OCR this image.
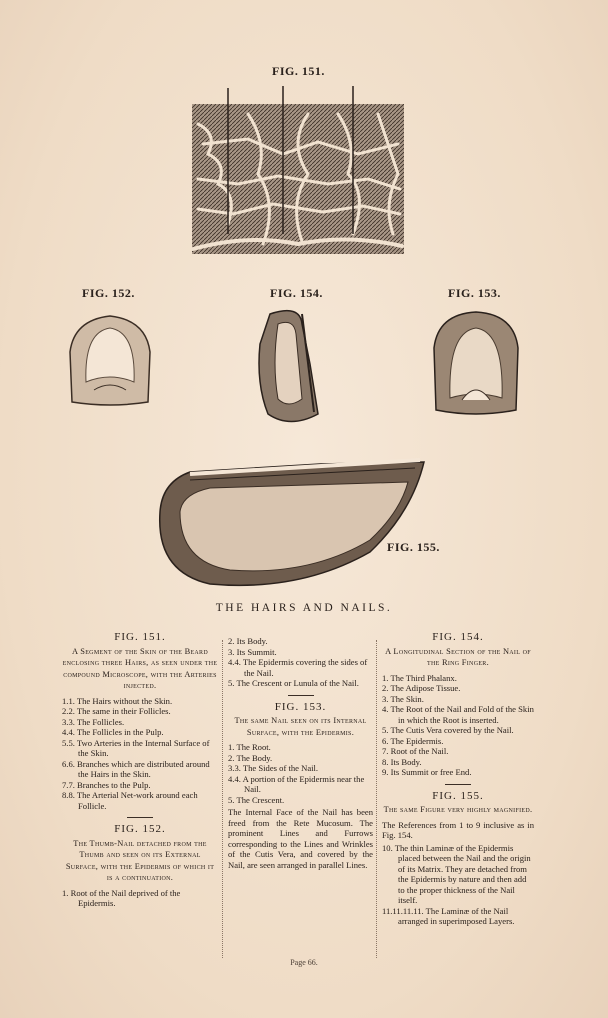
FIG. 151.
FIG. 152.	FIG. 154.	FIG. 153.
FIG. 155.
THE HAIRS AND NAILS.
FIG. 151.
A Segment of the Skin of the Beard enclosing three Hairs, as seen under the compound Microscope, with the Arteries injected.

1.1. The Hairs without the Skin.

2.2. The same in their Follicles.

3.3. The Follicles.

4.4. The Follicles in the Pulp.

5.5. Two Arteries in the Internal Surface of the Skin.

6.6. Branches which are distributed around the Hairs in the Skin.

7.7. Branches to the Pulp.

8.8. The Arterial Net-work around each Follicle.

FIG. 152.
The Thumb-Nail detached from the Thumb and seen on its External Surface, with the Epidermis of which it is a continuation.

1. Root of the Nail deprived of the Epidermis.

2. Its Body.

3. Its Summit.

4.4. The Epidermis covering the sides of the Nail.

5. The Crescent or Lunula of the Nail.

FIG. 153.
The same Nail seen on its Internal Surface, with the Epidermis.

1. The Root.

2. The Body.

3.3. The Sides of the Nail.

4.4. A portion of the Epidermis near the Nail.

5. The Crescent.

The Internal Face of the Nail has been freed from the Rete Mucosum. The prominent Lines and Furrows corresponding to the Lines and Wrinkles of the Cutis Vera, and covered by the Nail, are seen arranged in parallel Lines.

FIG. 154.
A Longitudinal Section of the Nail of the Ring Finger.

1. The Third Phalanx.

2. The Adipose Tissue.

3. The Skin.

4. The Root of the Nail and Fold of the Skin in which the Root is inserted.

5. The Cutis Vera covered by the Nail.

6. The Epidermis.

7. Root of the Nail.

8. Its Body.

9. Its Summit or free End.

FIG. 155.
The same Figure very highly magnified.

The References from 1 to 9 inclusive as in Fig. 154.

10. The thin Laminæ of the Epidermis placed between the Nail and the origin of its Matrix. They are detached from the Epidermis by nature and then add to the proper thickness of the Nail itself.

11.11.11.11. The Laminæ of the Nail arranged in superimposed Layers.

Page 66.
